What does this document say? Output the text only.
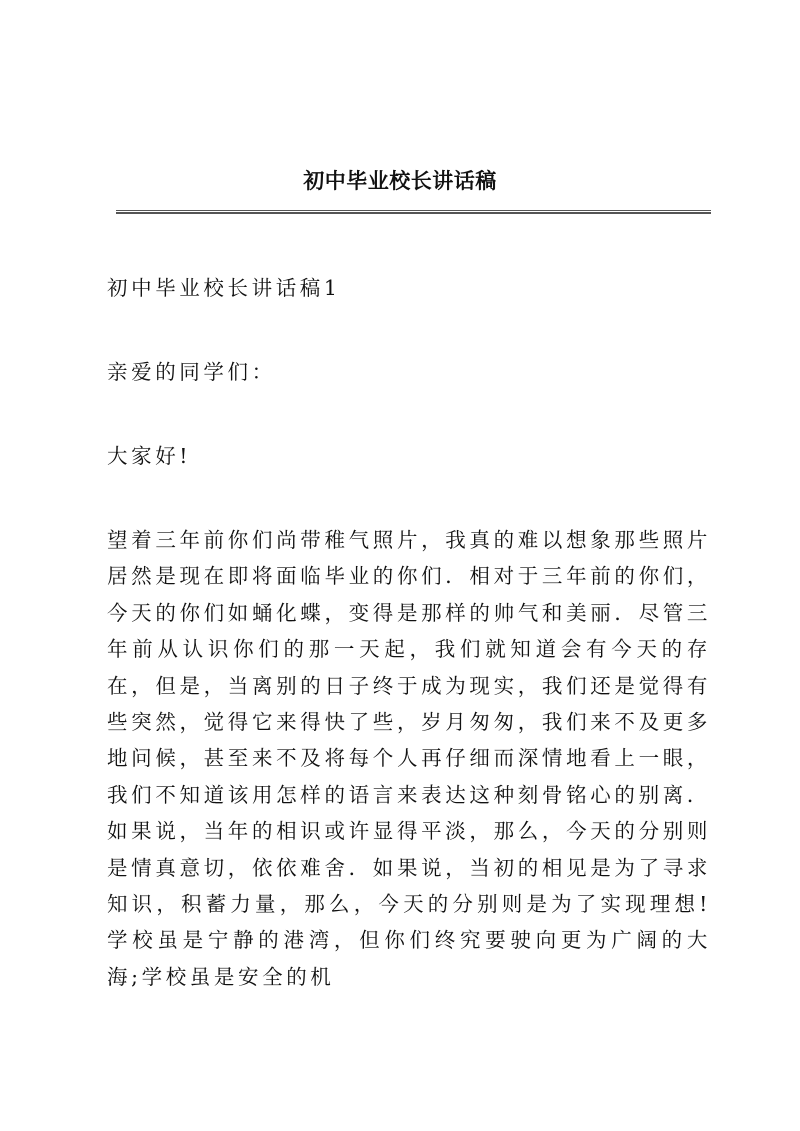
初中毕业校长讲话稿

初中毕业校长讲话稿1

亲爱的同学们：

大家好!

望着三年前你们尚带稚气照片，我真的难以想象那些照片居然是现在即将面临毕业的你们．相对于三年前的你们，今天的你们如蛹化蝶，变得是那样的帅气和美丽．尽管三年前从认识你们的那一天起，我们就知道会有今天的存在，但是，当离别的日子终于成为现实，我们还是觉得有些突然，觉得它来得快了些，岁月匆匆，我们来不及更多地问候，甚至来不及将每个人再仔细而深情地看上一眼，我们不知道该用怎样的语言来表达这种刻骨铭心的别离．如果说，当年的相识或许显得平淡，那么，今天的分别则是情真意切，依依难舍．如果说，当初的相见是为了寻求知识，积蓄力量，那么，今天的分别则是为了实现理想!学校虽是宁静的港湾，但你们终究要驶向更为广阔的大海;学校虽是安全的机
